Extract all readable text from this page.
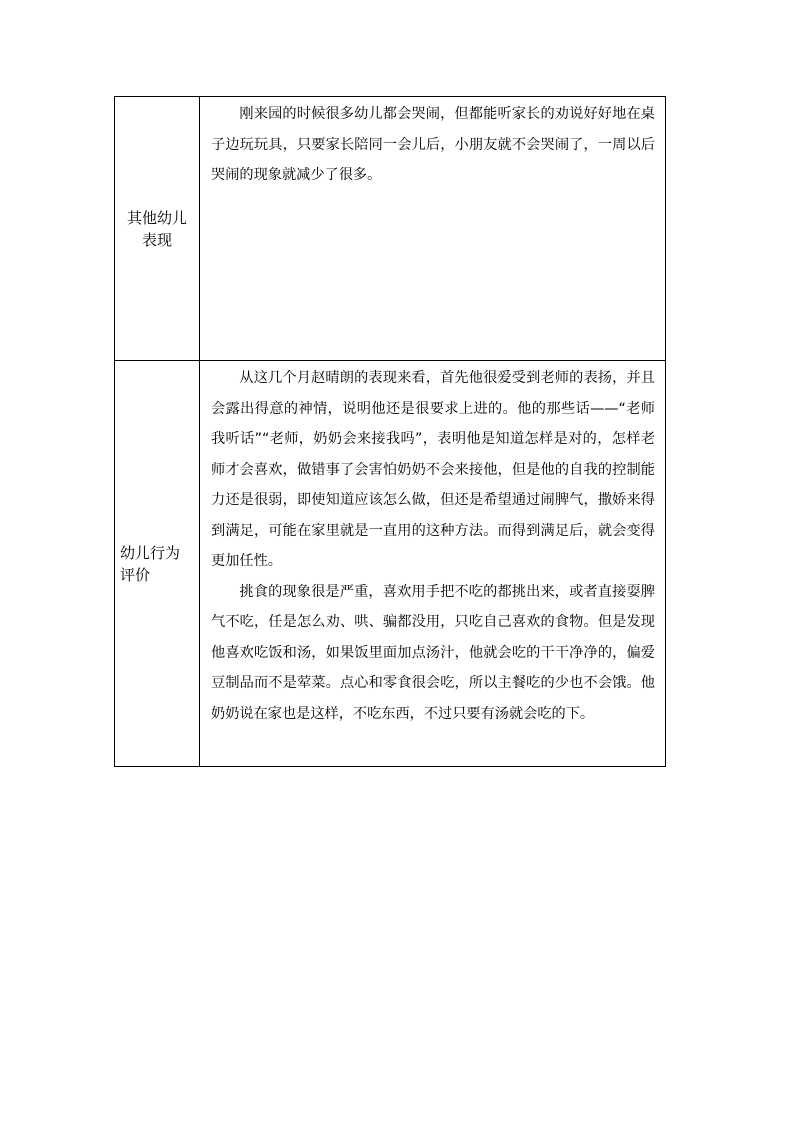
其他幼儿表现	刚来园的时候很多幼儿都会哭闹，但都能听家长的劝说好好地在桌子边玩玩具，只要家长陪同一会儿后，小朋友就不会哭闹了，一周以后哭闹的现象就减少了很多。

幼儿行为评价	从这几个月赵晴朗的表现来看，首先他很爱受到老师的表扬，并且会露出得意的神情，说明他还是很要求上进的。他的那些话——“老师我听话”“老师，奶奶会来接我吗”，表明他是知道怎样是对的，怎样老师才会喜欢，做错事了会害怕奶奶不会来接他，但是他的自我的控制能力还是很弱，即使知道应该怎么做，但还是希望通过闹脾气，撒娇来得到满足，可能在家里就是一直用的这种方法。而得到满足后，就会变得更加任性。

挑食的现象很是严重，喜欢用手把不吃的都挑出来，或者直接耍脾气不吃，任是怎么劝、哄、骗都没用，只吃自己喜欢的食物。但是发现他喜欢吃饭和汤，如果饭里面加点汤汁，他就会吃的干干净净的，偏爱豆制品而不是荤菜。点心和零食很会吃，所以主餐吃的少也不会饿。他奶奶说在家也是这样，不吃东西，不过只要有汤就会吃的下。
